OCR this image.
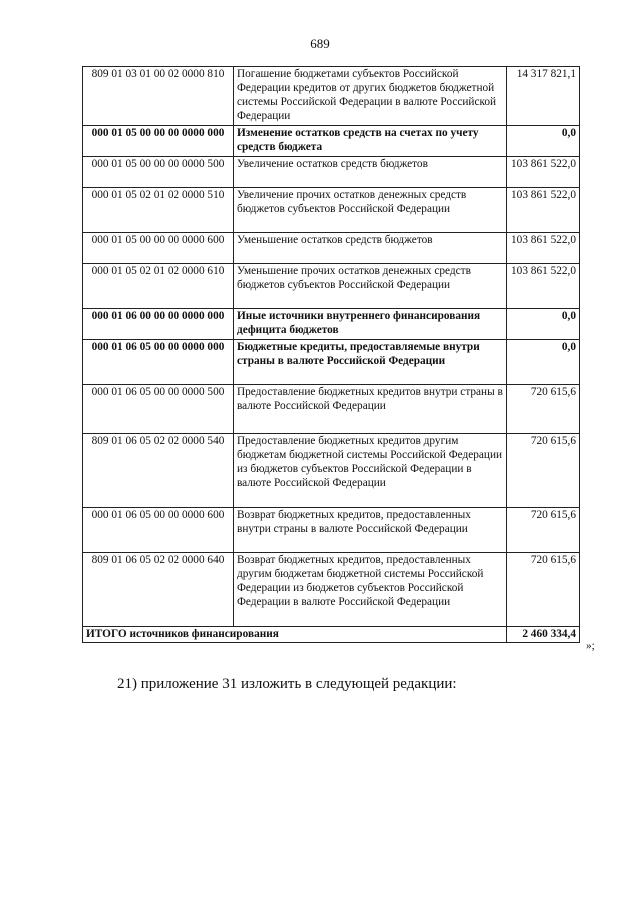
689
809 01 03 01 00 02 0000 810	Погашение бюджетами субъектов Российской Федерации кредитов от других бюджетов бюджетной системы Российской Федерации в валюте Российской Федерации	14 317 821,1
000 01 05 00 00 00 0000 000	Изменение остатков средств на счетах по учету средств бюджета	0,0
000 01 05 00 00 00 0000 500	Увеличение остатков средств бюджетов	103 861 522,0
000 01 05 02 01 02 0000 510	Увеличение прочих остатков денежных средств бюджетов субъектов Российской Федерации	103 861 522,0
000 01 05 00 00 00 0000 600	Уменьшение остатков средств бюджетов	103 861 522,0
000 01 05 02 01 02 0000 610	Уменьшение прочих остатков денежных средств бюджетов субъектов Российской Федерации	103 861 522,0
000 01 06 00 00 00 0000 000	Иные источники внутреннего финансирования дефицита бюджетов	0,0
000 01 06 05 00 00 0000 000	Бюджетные кредиты, предоставляемые внутри страны в валюте Российской Федерации	0,0
000 01 06 05 00 00 0000 500	Предоставление бюджетных кредитов внутри страны в валюте Российской Федерации	720 615,6
809 01 06 05 02 02 0000 540	Предоставление бюджетных кредитов другим бюджетам бюджетной системы Российской Федерации из бюджетов субъектов Российской Федерации в валюте Российской Федерации	720 615,6
000 01 06 05 00 00 0000 600	Возврат бюджетных кредитов, предоставленных внутри страны в валюте Российской Федерации	720 615,6
809 01 06 05 02 02 0000 640	Возврат бюджетных кредитов, предоставленных другим бюджетам бюджетной системы Российской Федерации из бюджетов субъектов Российской Федерации в валюте Российской Федерации	720 615,6
ИТОГО источников финансирования		2 460 334,4
»;
21) приложение 31 изложить в следующей редакции:
